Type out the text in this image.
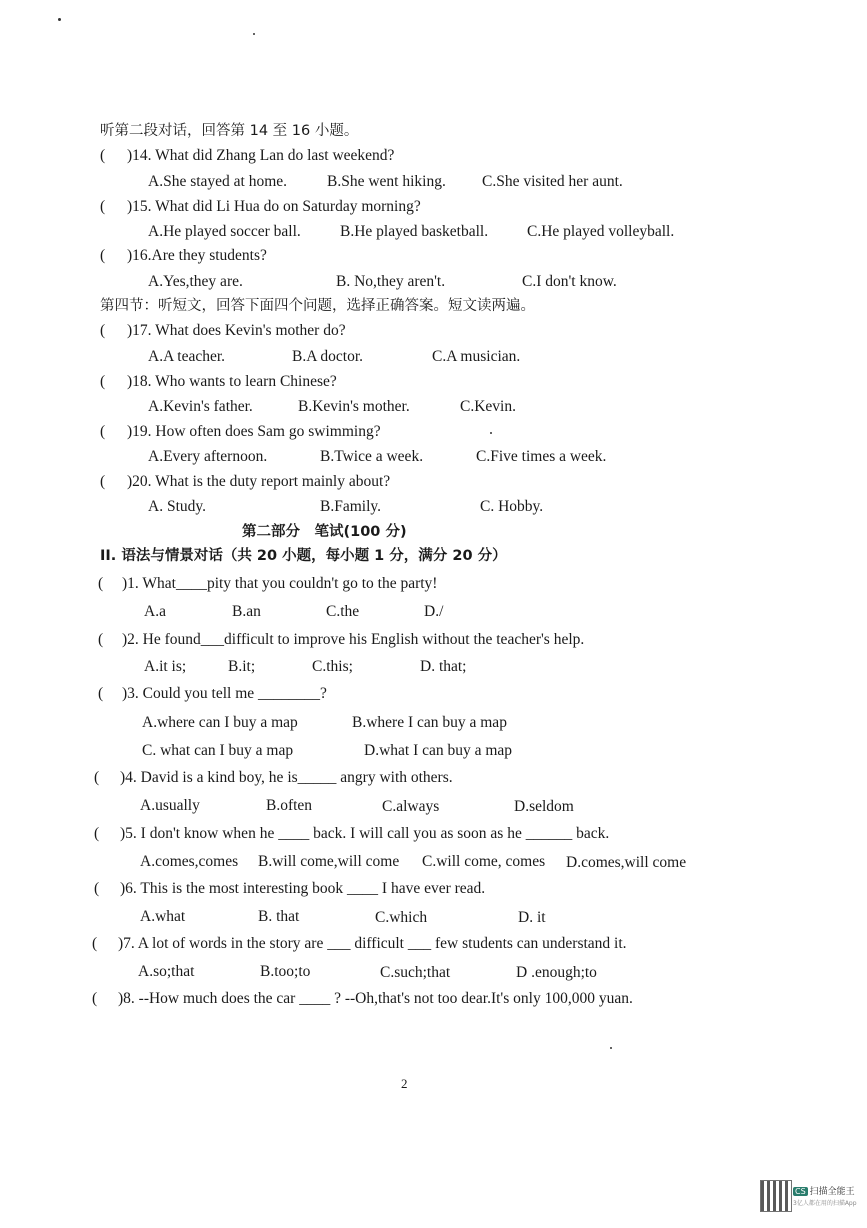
听第二段对话，回答第 14 至 16 小题。
( )14. What did Zhang Lan do last weekend?
A.She stayed at home.	B.She went hiking. C.She visited her aunt.
( )15. What did Li Hua do on Saturday morning?
A.He played soccer ball.	B.He played basketball.	C.He played volleyball.
( )16.Are they students?
A.Yes,they are.	B. No,they aren't.	C.I don't know.
第四节：听短文，回答下面四个问题，选择正确答案。短文读两遍。
( )17. What does Kevin's mother do?
A.A teacher.	B.A doctor.	C.A musician.
( )18. Who wants to learn Chinese?
A.Kevin's father.	B.Kevin's mother.	C.Kevin.
( )19. How often does Sam go swimming?
A.Every afternoon.	B.Twice a week.	C.Five times a week.
( )20. What is the duty report mainly about?
A. Study.	B.Family.	C. Hobby.
第二部分　笔试(100 分)
II. 语法与情景对话（共 20 小题，每小题 1 分，满分 20 分）
( )1. What____pity that you couldn't go to the party!
A.a	B.an	C.the	D./
( )2. He found___difficult to improve his English without the teacher's help.
A.it is;	B.it;	C.this;	D. that;
( )3. Could you tell me ________?
A.where can I buy a map	B.where I can buy a map
C. what can I buy a map	D.what I can buy a map
( )4. David is a kind boy, he is_____ angry with others.
A.usually	B.often	C.always	D.seldom
( )5. I don't know when he ____ back. I will call you as soon as he ______ back.
A.comes,comes B.will come,will come C.will come, comes D.comes,will come
( )6. This is the most interesting book ____ I have ever read.
A.what	B. that	C.which	D. it
( )7. A lot of words in the story are ___ difficult ___ few students can understand it.
A.so;that	B.too;to	C.such;that	D .enough;to
( )8. --How much does the car ____ ? --Oh,that's not too dear.It's only 100,000 yuan.
2
CS 扫描全能王
3亿人都在用的扫描App
